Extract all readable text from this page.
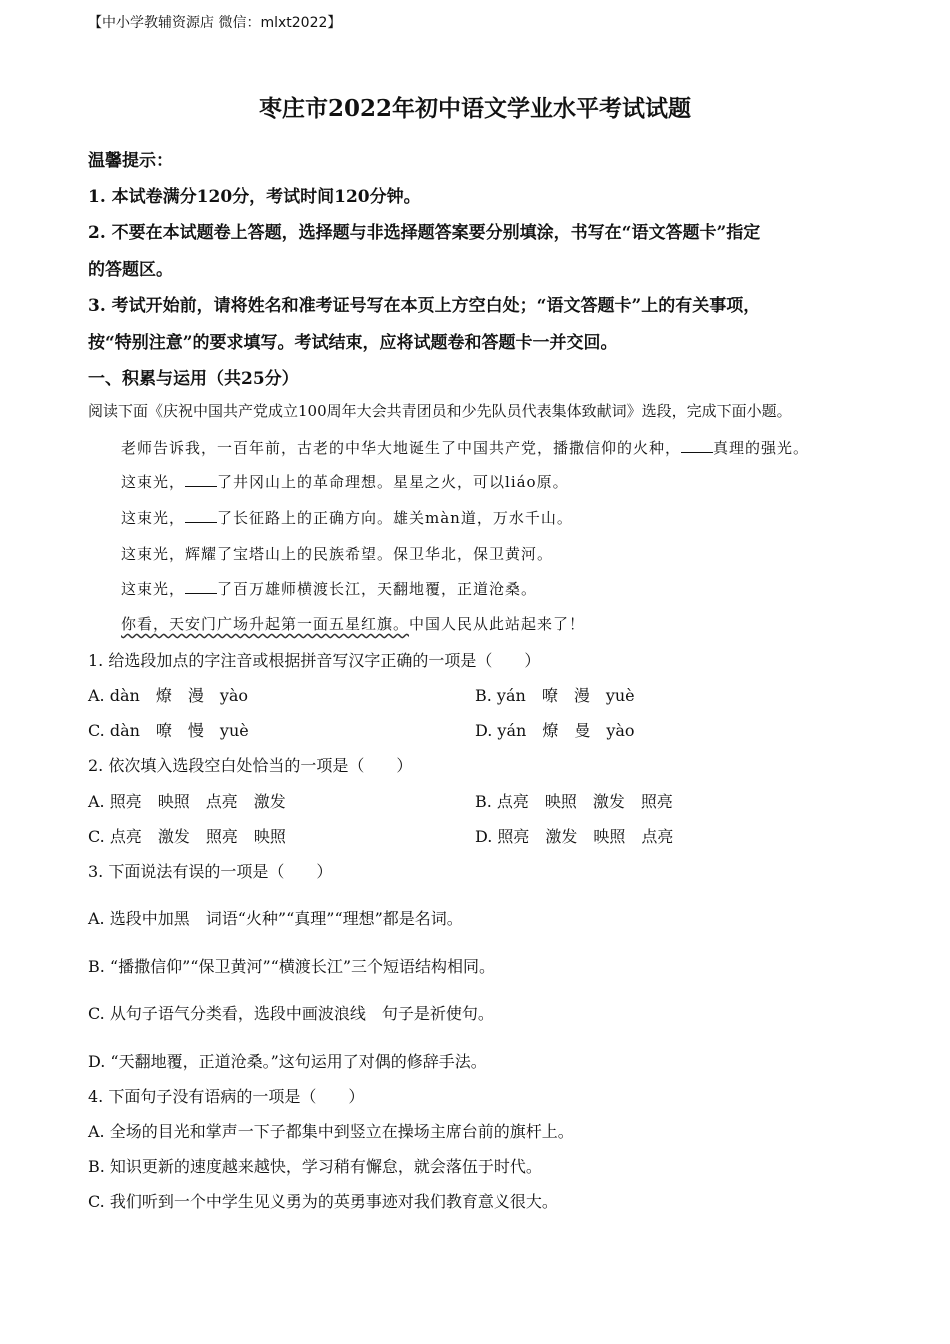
【中小学教辅资源店 微信：mlxt2022】
枣庄市2022年初中语文学业水平考试试题
温馨提示：
1. 本试卷满分120分，考试时间120分钟。
2. 不要在本试题卷上答题，选择题与非选择题答案要分别填涂，书写在“语文答题卡”指定
的答题区。
3. 考试开始前，请将姓名和准考证号写在本页上方空白处；“语文答题卡”上的有关事项，
按“特别注意”的要求填写。考试结束，应将试题卷和答题卡一并交回。
一、积累与运用（共25分）
阅读下面《庆祝中国共产党成立100周年大会共青团员和少先队员代表集体致献词》选段，完成下面小题。
老师告诉我，一百年前，古老的中华大地诞生了中国共产党，播撒信仰的火种， 真理的强光。
这束光， 了井冈山上的革命理想。星星之火，可以liáo原。
这束光， 了长征路上的正确方向。雄关màn道，万水千山。
这束光，辉耀了宝塔山上的民族希望。保卫华北，保卫黄河。
这束光， 了百万雄师横渡长江，天翻地覆，正道沧桑。
你看，天安门广场升起第一面五星红旗。中国人民从此站起来了！
1. 给选段加点的字注音或根据拼音写汉字正确的一项是（　　）
A. dàn　燎　漫　yào	B. yán　嘹　漫　yuè
C. dàn　嘹　慢　yuè	D. yán　燎　曼　yào
2. 依次填入选段空白处恰当的一项是（　　）
A. 照亮　映照　点亮　激发	B. 点亮　映照　激发　照亮
C. 点亮　激发　照亮　映照	D. 照亮　激发　映照　点亮
3. 下面说法有误的一项是（　　）
A. 选段中加黑　词语“火种”“真理”“理想”都是名词。
B. “播撒信仰”“保卫黄河”“横渡长江”三个短语结构相同。
C. 从句子语气分类看，选段中画波浪线　句子是祈使句。
D. “天翻地覆，正道沧桑。”这句运用了对偶的修辞手法。
4. 下面句子没有语病的一项是（　　）
A. 全场的目光和掌声一下子都集中到竖立在操场主席台前的旗杆上。
B. 知识更新的速度越来越快，学习稍有懈怠，就会落伍于时代。
C. 我们听到一个中学生见义勇为的英勇事迹对我们教育意义很大。
